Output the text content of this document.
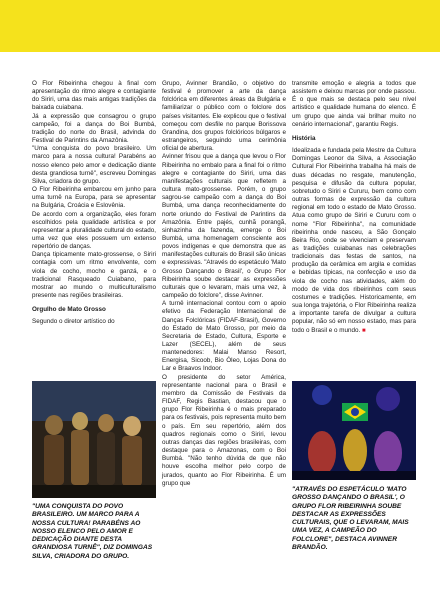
O Flor Ribeirinha chegou à final com apresentação do ritmo alegre e contagiante do Siriri, uma das mais antigas tradições da baixada cuiabana.

Já a expressão que consagrou o grupo campeão, foi a dança do Boi Bumbá, tradição do norte do Brasil, advinda do Festival de Parintins da Amazônia.

"Uma conquista do povo brasileiro. Um marco para a nossa cultura! Parabéns ao nosso elenco pelo amor e dedicação diante desta grandiosa turnê", escreveu Domingas Silva, criadora do grupo.

O Flor Ribeirinha embarcou em junho para uma turnê na Europa, para se apresentar na Bulgária, Croácia e Eslovênia.

De acordo com a organização, eles foram escolhidos pela qualidade artística e por representar a pluralidade cultural do estado, uma vez que eles possuem um extenso repertório de danças.

Dança tipicamente mato-grossense, o Siriri contagia com um ritmo envolvente, com viola de cocho, mocho e ganzá, e o tradicional Rasqueado Cuiabano, para mostrar ao mundo o multiculturalismo presente nas regiões brasileiras.

Orgulho de Mato Grosso

Segundo o diretor artístico do

Grupo, Avinner Brandão, o objetivo do festival é promover a arte da dança folclórica em diferentes áreas da Bulgária e familiarizar o público com o folclore dos países visitantes. Ele explicou que o festival começou com desfile no parque Borissova Grandina, dos grupos folclóricos búlgaros e estrangeiros, seguindo uma cerimônia oficial de abertura.

Avinner frisou que a dança que levou o Flor Ribeirinha no embalo para a final foi o ritmo alegre e contagiante do Siriri, uma das manifestações culturais que refletem a cultura mato-grossense. Porém, o grupo sagrou-se campeão com a dança do Boi Bumbá, uma dança reconhecidamente do norte oriundo do Festival de Parintins da Amazônia. Entre pajés, cunhã porangã, sinhazinha da fazenda, emerge o Boi Bumbá, uma homenagem consciente aos povos indígenas e que demonstra que as manifestações culturais do Brasil são únicas e expressivas. "Através do espetáculo 'Mato Grosso Dançando o Brasil', o Grupo Flor Ribeirinha soube destacar as expressões culturais que o levaram, mais uma vez, à campeão do folclore", disse Avinner.

A turnê internacional contou com o apoio efetivo da Federação Internacional de Danças Folclóricas (FIDAF-Brasil), Governo do Estado de Mato Grosso, por meio da Secretaria de Estado, Cultura, Esporte e Lazer (SECEL), além de seus mantenedores: Malai Manso Resort, Energisa, Sicoob, Bio Óleo, Lojas Dona do Lar e Braavos Indoor.

O presidente do setor América, representante nacional para o Brasil e membro da Comissão de Festivais da FIDAF, Regis Bastian, destacou que o grupo Flor Ribeirinha é o mais preparado para os festivais, pois representa muito bem o país. Em seu repertório, além dos quadros regionais como o Siriri, levou outras danças das regiões brasileiras, com destaque para o Amazonas, com o Boi Bumbá. "Não tenho dúvida de que não houve escolha melhor pelo corpo de jurados, quanto ao Flor Ribeirinha. É um grupo que

transmite emoção e alegria a todos que assistem e deixou marcas por onde passou. É o que mais se destaca pelo seu nível artístico e qualidade humana do elenco. É um grupo que ainda vai brilhar muito no cenário internacional", garantiu Regis.

História

Idealizada e fundada pela Mestre da Cultura Domingas Leonor da Silva, a Associação Cultural Flor Ribeirinha trabalha há mais de duas décadas no resgate, manutenção, pesquisa e difusão da cultura popular, sobretudo o Siriri e Cururu, bem como com outras formas de expressão da cultura regional em todo o estado de Mato Grosso. Atua como grupo de Siriri e Cururu com o nome "Flor Ribeirinha", na comunidade ribeirinha onde nasceu, a São Gonçalo Beira Rio, onde se vivenciam e preservam as tradições cuiabanas nas celebrações tradicionais das festas de santos, na produção da cerâmica em argila e comidas e bebidas típicas, na confecção e uso da viola de cocho nas atividades, além do modo de vida dos ribeirinhos com seus costumes e tradições. Historicamente, em sua longa trajetória, o Flor Ribeirinha realiza a importante tarefa de divulgar a cultura popular, não só em nosso estado, mas para todo o Brasil e o mundo. ■

"UMA CONQUISTA DO POVO BRASILEIRO. UM MARCO PARA A NOSSA CULTURA! PARABÉNS AO NOSSO ELENCO PELO AMOR E DEDICAÇÃO DIANTE DESTA GRANDIOSA TURNÊ", DIZ DOMINGAS SILVA, CRIADORA DO GRUPO.
"ATRAVÉS DO ESPETÁCULO 'MATO GROSSO DANÇANDO O BRASIL', O GRUPO FLOR RIBEIRINHA SOUBE DESTACAR AS EXPRESSÕES CULTURAIS, QUE O LEVARAM, MAIS UMA VEZ, A CAMPEÃO DO FOLCLORE", DESTACA AVINNER BRANDÃO.
